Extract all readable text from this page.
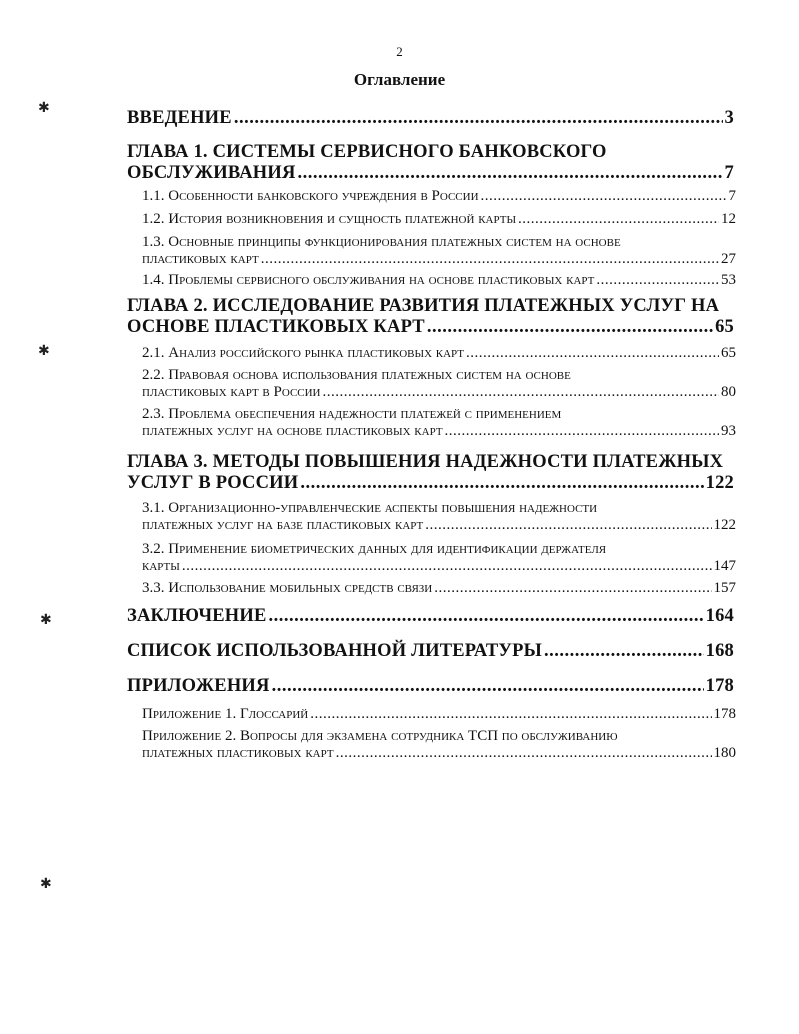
2
Оглавление
✱
✱
✱
✱
ВВЕДЕНИЕ .....	3
ГЛАВА 1. СИСТЕМЫ СЕРВИСНОГО БАНКОВСКОГО
ОБСЛУЖИВАНИЯ .....	7
1.1. Особенности банковского учреждения в России .....	7
1.2. История возникновения и сущность платежной карты .....	12
1.3. Основные принципы функционирования платежных систем на основе
пластиковых карт .....	27
1.4. Проблемы сервисного обслуживания на основе пластиковых карт .....	53
ГЛАВА 2. ИССЛЕДОВАНИЕ РАЗВИТИЯ ПЛАТЕЖНЫХ УСЛУГ НА
ОСНОВЕ ПЛАСТИКОВЫХ КАРТ .....	65
2.1. Анализ российского рынка пластиковых карт .....	65
2.2. Правовая основа использования платежных систем на основе
пластиковых карт в России .....	80
2.3. Проблема обеспечения надежности платежей с применением
платежных услуг на основе пластиковых карт .....	93
ГЛАВА 3. МЕТОДЫ ПОВЫШЕНИЯ НАДЕЖНОСТИ ПЛАТЕЖНЫХ
УСЛУГ В РОССИИ .....	122
3.1. Организационно-управленческие аспекты повышения надежности
платежных услуг на базе пластиковых карт .....	122
3.2. Применение биометрических данных для идентификации держателя
карты .....	147
3.3. Использование мобильных средств связи .....	157
ЗАКЛЮЧЕНИЕ .....	164
СПИСОК ИСПОЛЬЗОВАННОЙ ЛИТЕРАТУРЫ .....	168
ПРИЛОЖЕНИЯ .....	178
Приложение 1. Глоссарий .....	178
Приложение 2. Вопросы для экзамена сотрудника ТСП по обслуживанию
платежных пластиковых карт .....	180
